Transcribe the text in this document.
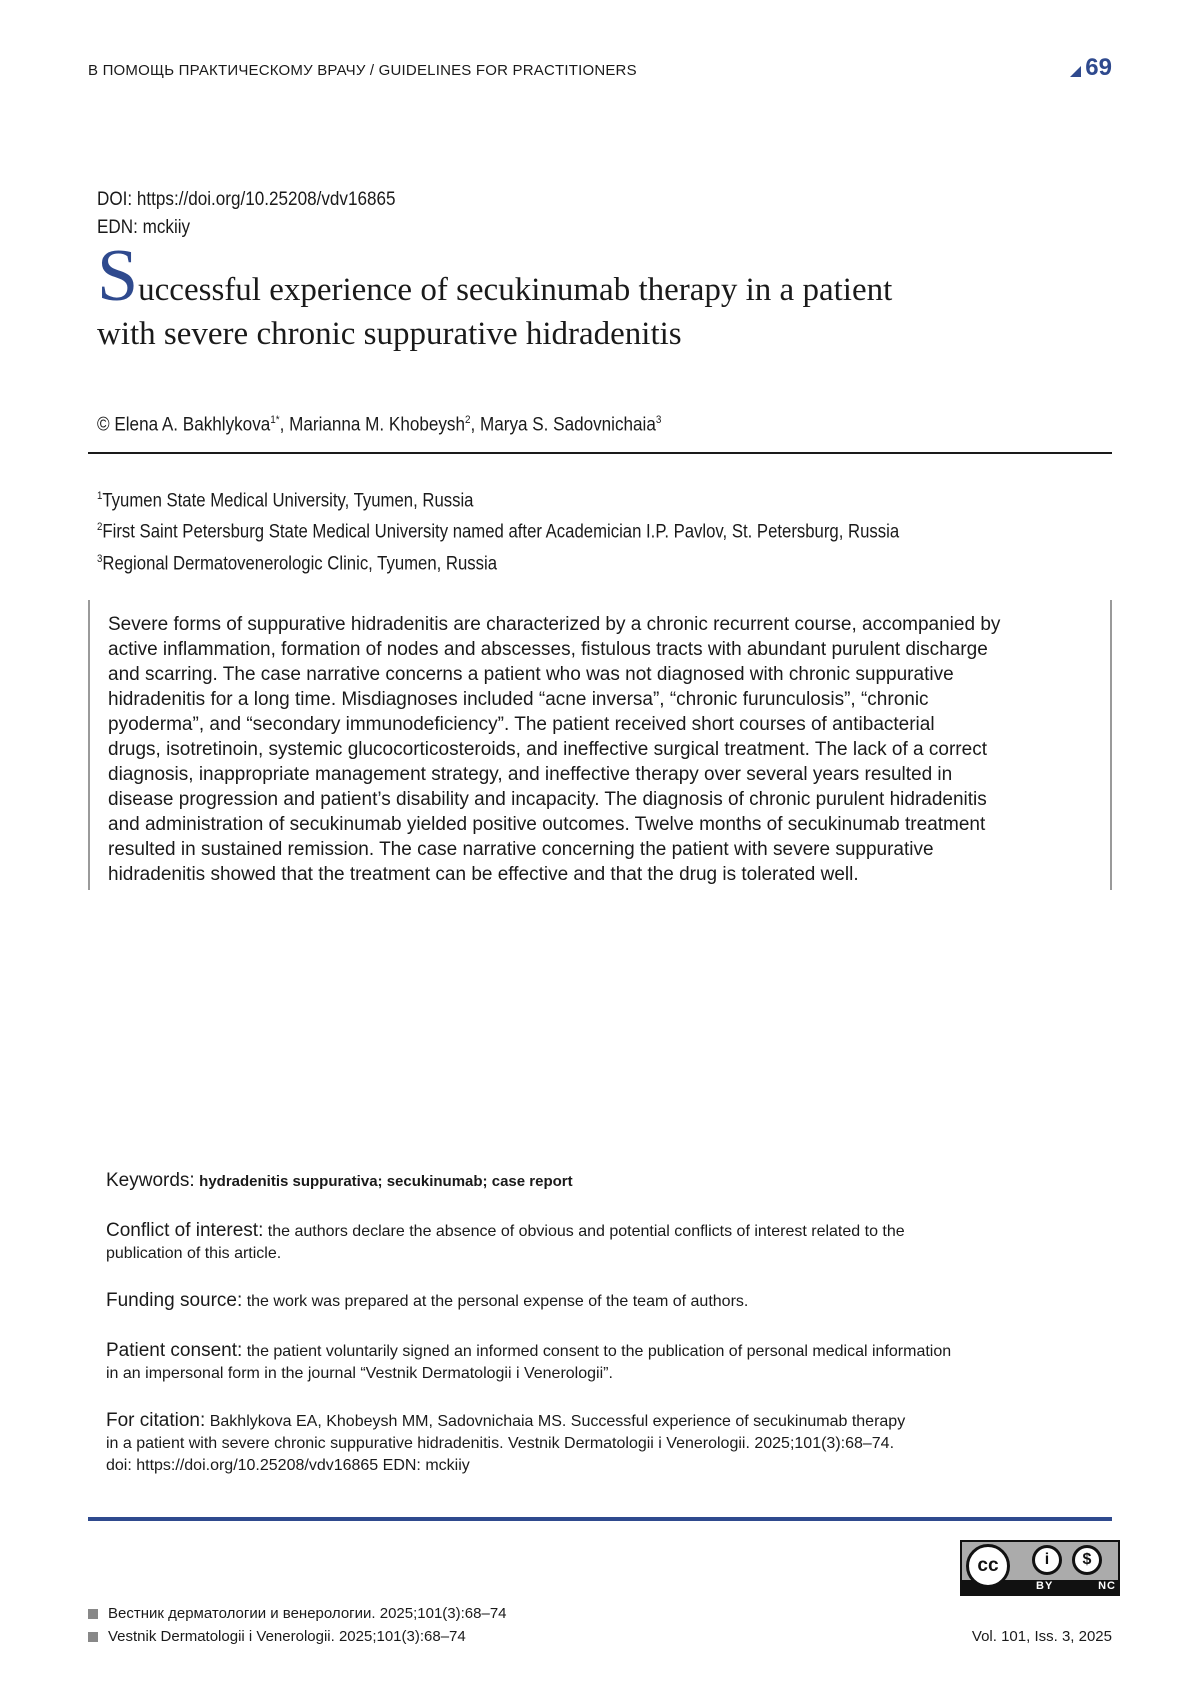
В ПОМОЩЬ ПРАКТИЧЕСКОМУ ВРАЧУ / GUIDELINES FOR PRACTITIONERS	69
DOI: https://doi.org/10.25208/vdv16865
EDN: mckiiy
Successful experience of secukinumab therapy in a patient
with severe chronic suppurative hidradenitis
© Elena A. Bakhlykova$^{1*}$, Marianna M. Khobeysh$^2$, Marya S. Sadovnichaia$^3$
$^1$Tyumen State Medical University, Tyumen, Russia
$^2$First Saint Petersburg State Medical University named after Academician I.P. Pavlov, St. Petersburg, Russia
$^3$Regional Dermatovenerologic Clinic, Tyumen, Russia
Severe forms of suppurative hidradenitis are characterized by a chronic recurrent course, accompanied by
active inflammation, formation of nodes and abscesses, fistulous tracts with abundant purulent discharge
and scarring. The case narrative concerns a patient who was not diagnosed with chronic suppurative
hidradenitis for a long time. Misdiagnoses included “acne inversa”, “chronic furunculosis”, “chronic
pyoderma”, and “secondary immunodeficiency”. The patient received short courses of antibacterial
drugs, isotretinoin, systemic glucocorticosteroids, and ineffective surgical treatment. The lack of a correct
diagnosis, inappropriate management strategy, and ineffective therapy over several years resulted in
disease progression and patient’s disability and incapacity. The diagnosis of chronic purulent hidradenitis
and administration of secukinumab yielded positive outcomes. Twelve months of secukinumab treatment
resulted in sustained remission. The case narrative concerning the patient with severe suppurative
hidradenitis showed that the treatment can be effective and that the drug is tolerated well.
Keywords: hydradenitis suppurativa; secukinumab; case report
Conflict of interest: the authors declare the absence of obvious and potential conflicts of interest related to the
publication of this article.
Funding source: the work was prepared at the personal expense of the team of authors.
Patient consent: the patient voluntarily signed an informed consent to the publication of personal medical information
in an impersonal form in the journal “Vestnik Dermatologii i Venerologii”.
For citation: Bakhlykova EA, Khobeysh MM, Sadovnichaia MS. Successful experience of secukinumab therapy
in a patient with severe chronic suppurative hidradenitis. Vestnik Dermatologii i Venerologii. 2025;101(3):68–74.
doi: https://doi.org/10.25208/vdv16865 EDN: mckiiy
cc	i	$
BY	NC
Вестник дерматологии и венерологии. 2025;101(3):68–74
Vestnik Dermatologii i Venerologii. 2025;101(3):68–74	Vol. 101, Iss. 3, 2025
